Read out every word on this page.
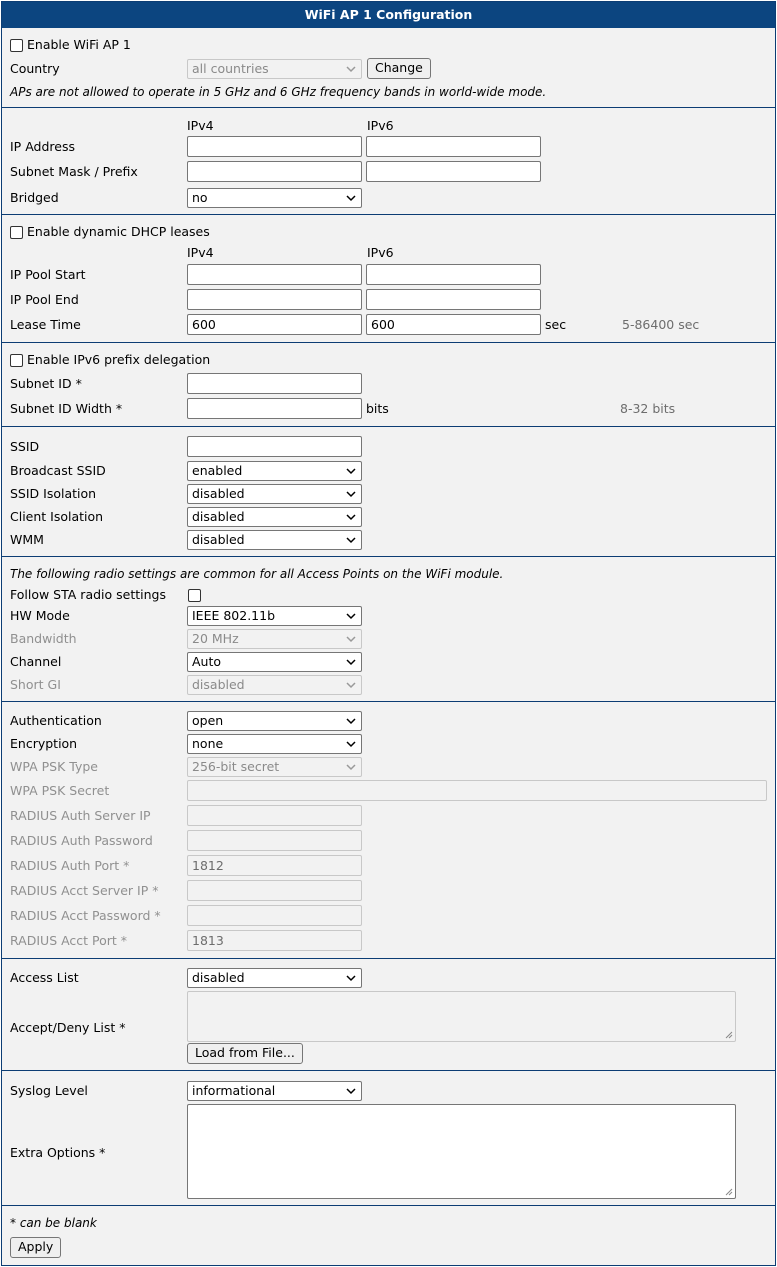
WiFi AP 1 Configuration
Enable WiFi AP 1
Country	all countries	Change
APs are not allowed to operate in 5 GHz and 6 GHz frequency bands in world-wide mode.
IPv4	IPv6
IP Address
Subnet Mask / Prefix
Bridged	no
Enable dynamic DHCP leases
IPv4	IPv6
IP Pool Start
IP Pool End
Lease Time	600	600	sec	5-86400 sec
Enable IPv6 prefix delegation
Subnet ID *
Subnet ID Width *	bits	8-32 bits
SSID
Broadcast SSID	enabled
SSID Isolation	disabled
Client Isolation	disabled
WMM	disabled
The following radio settings are common for all Access Points on the WiFi module.
Follow STA radio settings
HW Mode	IEEE 802.11b
Bandwidth	20 MHz
Channel	Auto
Short GI	disabled
Authentication	open
Encryption	none
WPA PSK Type	256-bit secret
WPA PSK Secret
RADIUS Auth Server IP
RADIUS Auth Password
RADIUS Auth Port *	1812
RADIUS Acct Server IP *
RADIUS Acct Password *
RADIUS Acct Port *	1813
Access List	disabled
Accept/Deny List *
Load from File...
Syslog Level	informational
Extra Options *
* can be blank
Apply
